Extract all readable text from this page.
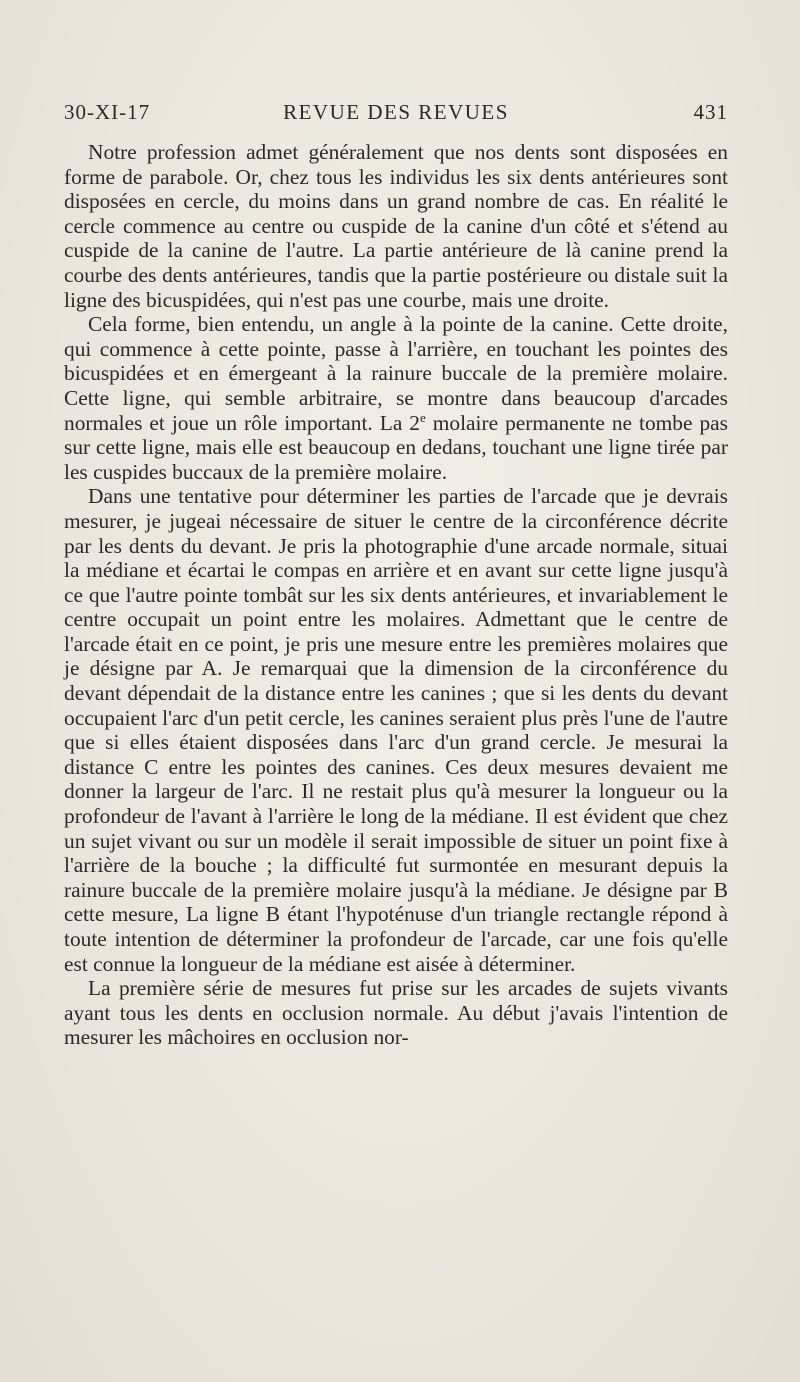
30-XI-17	REVUE DES REVUES	431

Notre profession admet généralement que nos dents sont disposées en forme de parabole. Or, chez tous les individus les six dents antérieures sont disposées en cercle, du moins dans un grand nombre de cas. En réalité le cercle commence au centre ou cuspide de la canine d'un côté et s'étend au cuspide de la canine de l'autre. La partie antérieure de là canine prend la courbe des dents antérieures, tandis que la partie postérieure ou distale suit la ligne des bicuspidées, qui n'est pas une courbe, mais une droite.

Cela forme, bien entendu, un angle à la pointe de la canine. Cette droite, qui commence à cette pointe, passe à l'arrière, en touchant les pointes des bicuspidées et en émergeant à la rainure buccale de la première molaire. Cette ligne, qui semble arbitraire, se montre dans beaucoup d'arcades normales et joue un rôle important. La 2e molaire permanente ne tombe pas sur cette ligne, mais elle est beaucoup en dedans, touchant une ligne tirée par les cuspides buccaux de la première molaire.

Dans une tentative pour déterminer les parties de l'arcade que je devrais mesurer, je jugeai nécessaire de situer le centre de la circonférence décrite par les dents du devant. Je pris la photographie d'une arcade normale, situai la médiane et écartai le compas en arrière et en avant sur cette ligne jusqu'à ce que l'autre pointe tombât sur les six dents antérieures, et invariablement le centre occupait un point entre les molaires. Admettant que le centre de l'arcade était en ce point, je pris une mesure entre les premières molaires que je désigne par A. Je remarquai que la dimension de la circonférence du devant dépendait de la distance entre les canines ; que si les dents du devant occupaient l'arc d'un petit cercle, les canines seraient plus près l'une de l'autre que si elles étaient disposées dans l'arc d'un grand cercle. Je mesurai la distance C entre les pointes des canines. Ces deux mesures devaient me donner la largeur de l'arc. Il ne restait plus qu'à mesurer la longueur ou la profondeur de l'avant à l'arrière le long de la médiane. Il est évident que chez un sujet vivant ou sur un modèle il serait impossible de situer un point fixe à l'arrière de la bouche ; la difficulté fut surmontée en mesurant depuis la rainure buccale de la première molaire jusqu'à la médiane. Je désigne par B cette mesure, La ligne B étant l'hypoténuse d'un triangle rectangle répond à toute intention de déterminer la profondeur de l'arcade, car une fois qu'elle est connue la longueur de la médiane est aisée à déterminer.

La première série de mesures fut prise sur les arcades de sujets vivants ayant tous les dents en occlusion normale. Au début j'avais l'intention de mesurer les mâchoires en occlusion nor-
